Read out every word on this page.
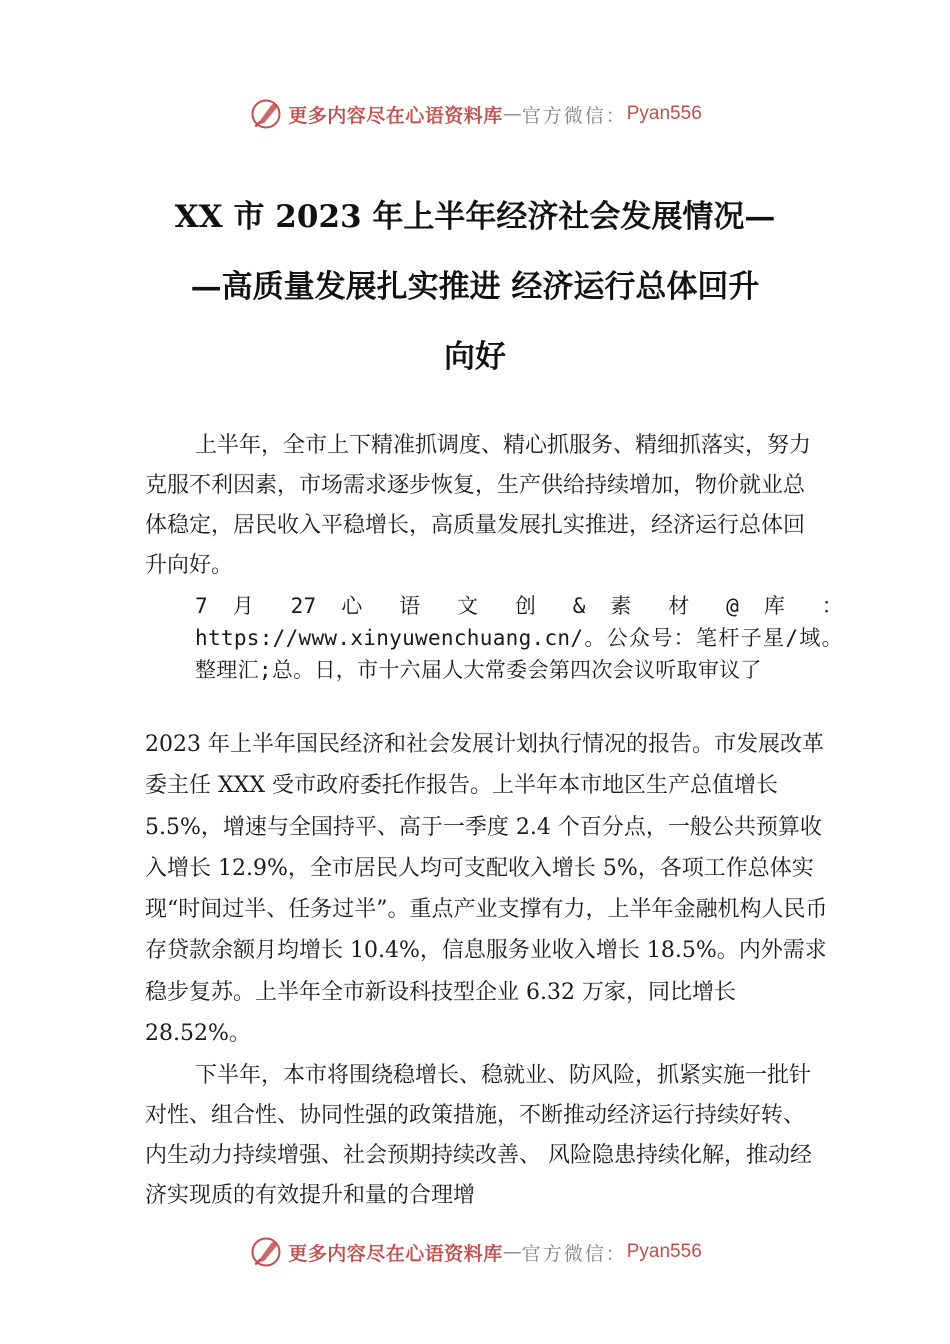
更多内容尽在心语资料库 — 官方微信： Pyan556
XX 市 2023 年上半年经济社会发展情况—
—高质量发展扎实推进 经济运行总体回升
向好
上半年，全市上下精准抓调度、精心抓服务、精细抓落实，努力克服不利因素，市场需求逐步恢复，生产供给持续增加，物价就业总体稳定，居民收入平稳增长，高质量发展扎实推进，经济运行总体回升向好。
7 月 27 心 语 文 创 & 素 材 @ 库 ：
https://www.xinyuwenchuang.cn/。公众号：笔杆子星/域。整理汇;总。日，市十六届人大常委会第四次会议听取审议了
2023 年上半年国民经济和社会发展计划执行情况的报告。市发展改革委主任 XXX 受市政府委托作报告。上半年本市地区生产总值增长 5.5%，增速与全国持平、高于一季度 2.4 个百分点，一般公共预算收入增长 12.9%，全市居民人均可支配收入增长 5%，各项工作总体实现“时间过半、任务过半”。重点产业支撑有力，上半年金融机构人民币存贷款余额月均增长 10.4%，信息服务业收入增长 18.5%。内外需求稳步复苏。上半年全市新设科技型企业 6.32 万家，同比增长 28.52%。
下半年，本市将围绕稳增长、稳就业、防风险，抓紧实施一批针对性、组合性、协同性强的政策措施，不断推动经济运行持续好转、内生动力持续增强、社会预期持续改善、 风险隐患持续化解，推动经济实现质的有效提升和量的合理增
更多内容尽在心语资料库 — 官方微信： Pyan556
